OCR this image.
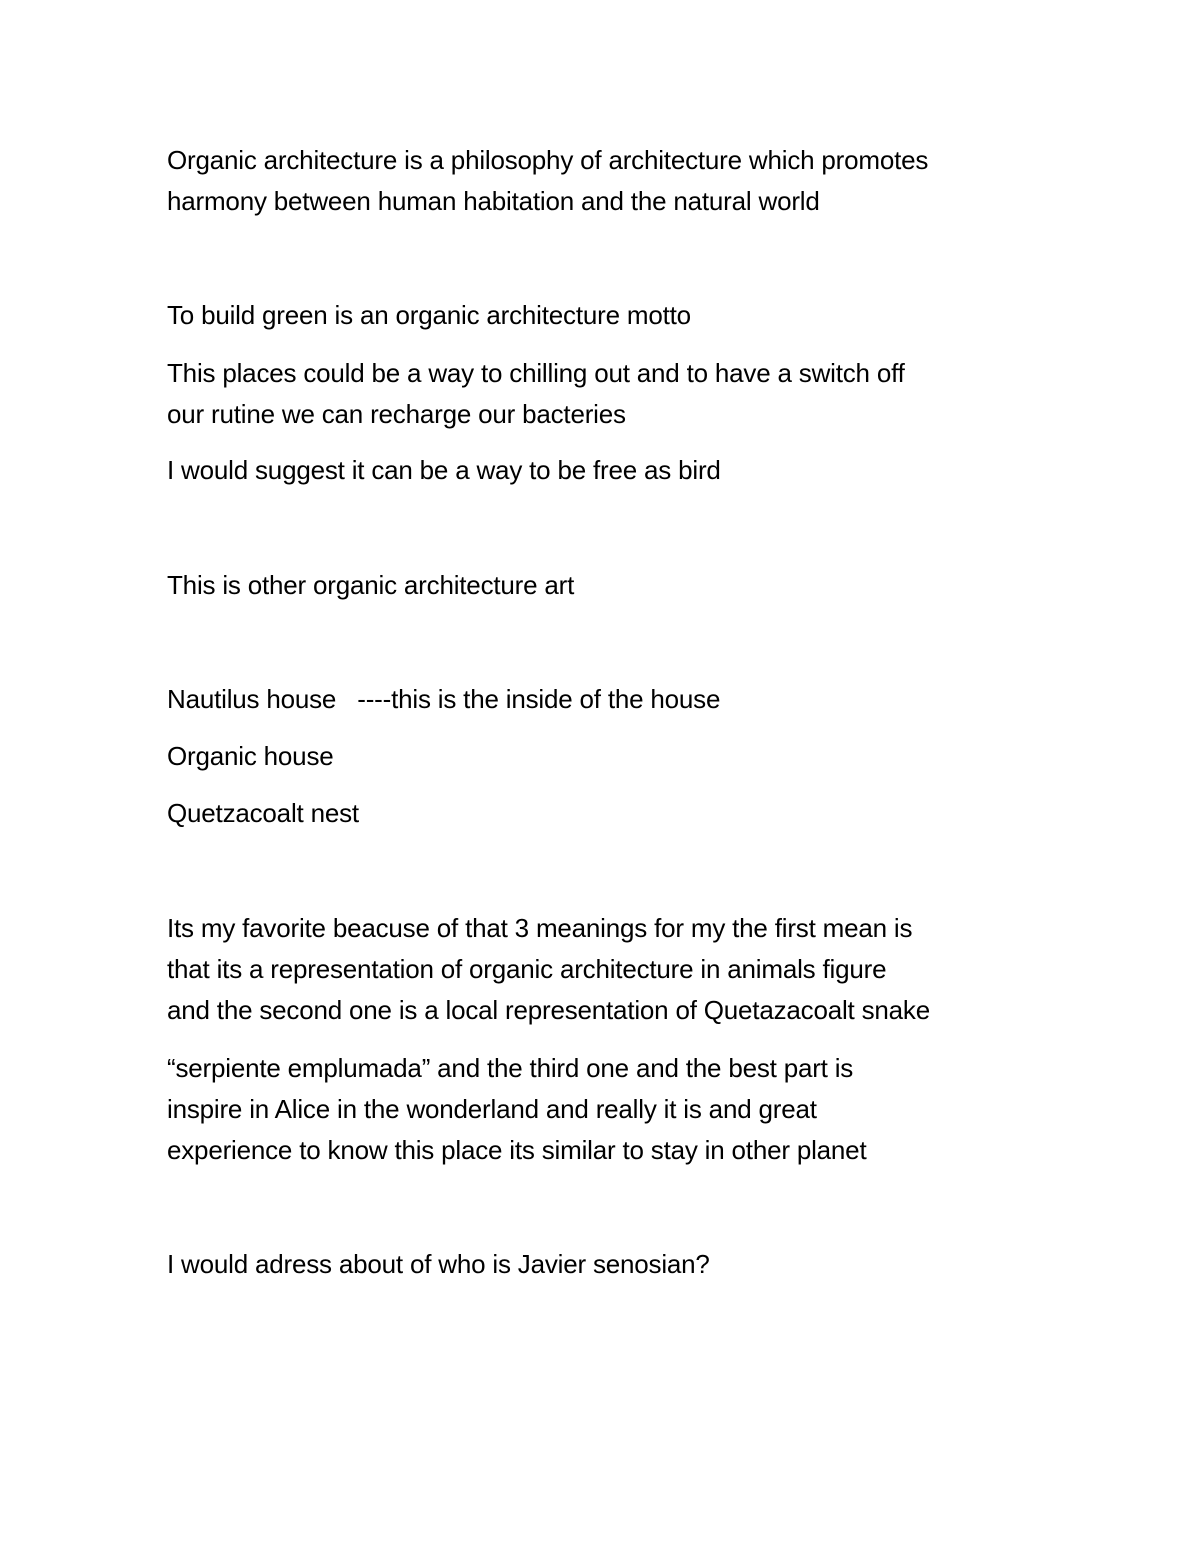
Organic architecture is a philosophy of architecture which promotes

harmony between human habitation and the natural world

To build green is an organic architecture motto

This places could be a way to chilling out and to have a switch off

our rutine we can recharge our bacteries

I would suggest it can be a way to be free as bird

This is other organic architecture art

Nautilus house   ----this is the inside of the house

Organic house

Quetzacoalt nest

Its my favorite beacuse of that 3 meanings for my the first mean is

that its a representation of organic architecture in animals figure

and the second one is a local representation of Quetazacoalt snake

“serpiente emplumada” and the third one and the best part is

inspire in Alice in the wonderland and really it is and great

experience to know this place its similar to stay in other planet

I would adress about of who is Javier senosian?
